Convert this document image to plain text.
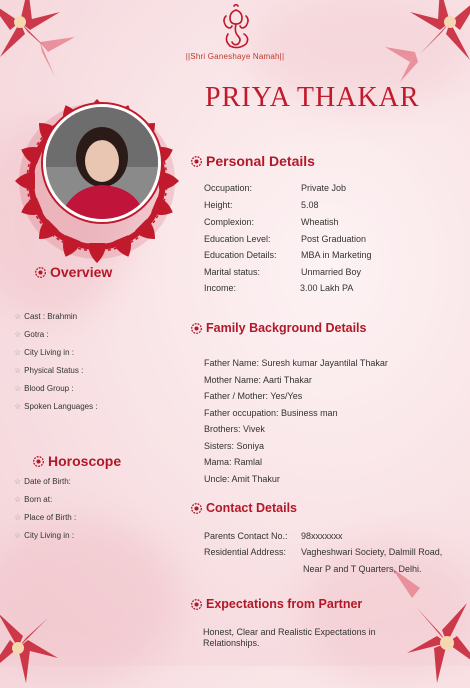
||Shri Ganeshaye Namah||
PRIYA THAKAR
Personal Details
Occupation:	Private Job
Height:	5.08
Complexion:	Wheatish
Education Level:	Post Graduation
Education Details:	MBA in Marketing
Marital status:	Unmarried Boy
Income:	3.00 Lakh PA
Overview
☆ Cast : Brahmin
☆ Gotra :
☆ City Living in :
☆ Physical Status :
☆ Blood Group :
☆ Spoken Languages :
Horoscope
☆ Date of Birth:
☆ Born at:
☆ Place of Birth :
☆ City Living in :
Family Background Details
Father Name: Suresh kumar Jayantilal Thakar
Mother Name: Aarti Thakar
Father / Mother: Yes/Yes
Father occupation: Business man
Brothers: Vivek
Sisters: Soniya
Mama: Ramlal
Uncle: Amit Thakur
Contact Details
Parents Contact No.: 98xxxxxxx
Residential Address: Vagheshwari Society, Dalmill Road,
Near P and T Quarters, Delhi.
Expectations from Partner
Honest, Clear and Realistic Expectations in Relationships.
